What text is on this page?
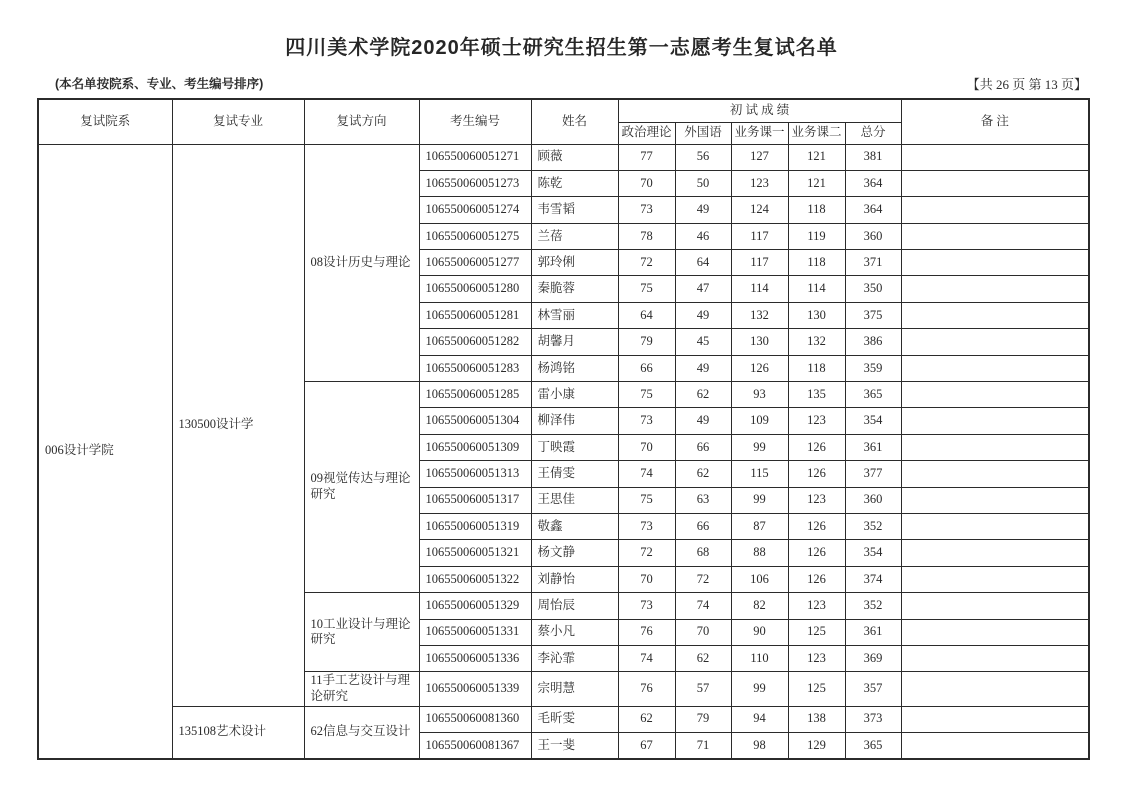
四川美术学院2020年硕士研究生招生第一志愿考生复试名单
(本名单按院系、专业、考生编号排序)	【共 26 页 第 13 页】
复试院系	复试专业	复试方向	考生编号	姓名	初 试 成 绩					备 注
					政治理论	外国语	业务课一	业务课二	总分	
006设计学院	130500设计学	08设计历史与理论	106550060051271	顾薇	77	56	127	121	381	
			106550060051273	陈乾	70	50	123	121	364	
			106550060051274	韦雪韬	73	49	124	118	364	
			106550060051275	兰蓓	78	46	117	119	360	
			106550060051277	郭玲俐	72	64	117	118	371	
			106550060051280	秦脆蓉	75	47	114	114	350	
			106550060051281	林雪丽	64	49	132	130	375	
			106550060051282	胡馨月	79	45	130	132	386	
			106550060051283	杨鸿铭	66	49	126	118	359	
		09视觉传达与理论研究	106550060051285	雷小康	75	62	93	135	365	
			106550060051304	柳泽伟	73	49	109	123	354	
			106550060051309	丁映霞	70	66	99	126	361	
			106550060051313	王倩雯	74	62	115	126	377	
			106550060051317	王思佳	75	63	99	123	360	
			106550060051319	敬鑫	73	66	87	126	352	
			106550060051321	杨文静	72	68	88	126	354	
			106550060051322	刘静怡	70	72	106	126	374	
		10工业设计与理论研究	106550060051329	周怡辰	73	74	82	123	352	
			106550060051331	蔡小凡	76	70	90	125	361	
			106550060051336	李沁霏	74	62	110	123	369	
		11手工艺设计与理论研究	106550060051339	宗明慧	76	57	99	125	357	
	135108艺术设计	62信息与交互设计	106550060081360	毛昕雯	62	79	94	138	373	
			106550060081367	王一斐	67	71	98	129	365	
